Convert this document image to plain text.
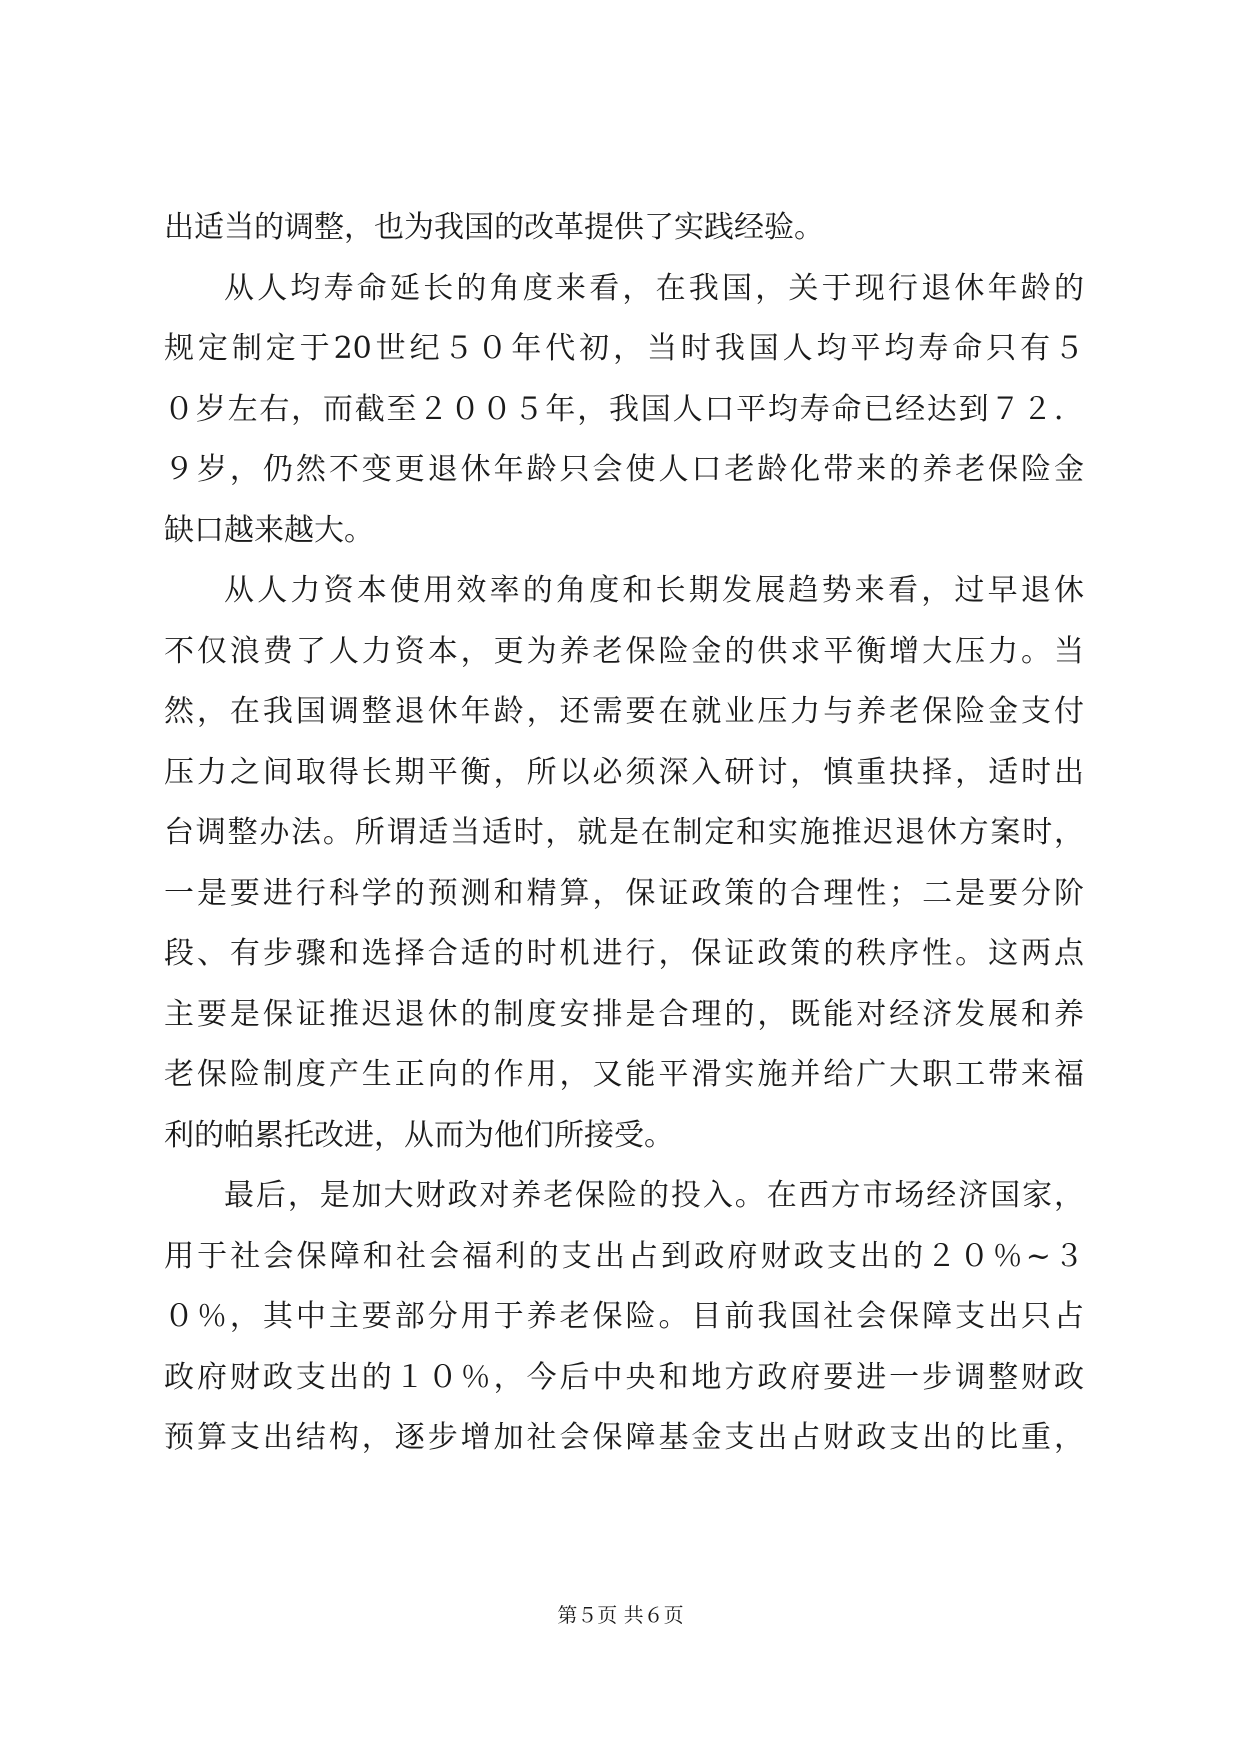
出适当的调整，也为我国的改革提供了实践经验。
从人均寿命延长的角度来看，在我国，关于现行退休年龄的
规定制定于20世纪５０年代初，当时我国人均平均寿命只有５
０岁左右，而截至２００５年，我国人口平均寿命已经达到７２．
９岁，仍然不变更退休年龄只会使人口老龄化带来的养老保险金
缺口越来越大。
从人力资本使用效率的角度和长期发展趋势来看，过早退休
不仅浪费了人力资本，更为养老保险金的供求平衡增大压力。当
然，在我国调整退休年龄，还需要在就业压力与养老保险金支付
压力之间取得长期平衡，所以必须深入研讨，慎重抉择，适时出
台调整办法。所谓适当适时，就是在制定和实施推迟退休方案时，
一是要进行科学的预测和精算，保证政策的合理性；二是要分阶
段、有步骤和选择合适的时机进行，保证政策的秩序性。这两点
主要是保证推迟退休的制度安排是合理的，既能对经济发展和养
老保险制度产生正向的作用，又能平滑实施并给广大职工带来福
利的帕累托改进，从而为他们所接受。
最后，是加大财政对养老保险的投入。在西方市场经济国家，
用于社会保障和社会福利的支出占到政府财政支出的２０％~３
０％，其中主要部分用于养老保险。目前我国社会保障支出只占
政府财政支出的１０％，今后中央和地方政府要进一步调整财政
预算支出结构，逐步增加社会保障基金支出占财政支出的比重，
第５页 共６页
